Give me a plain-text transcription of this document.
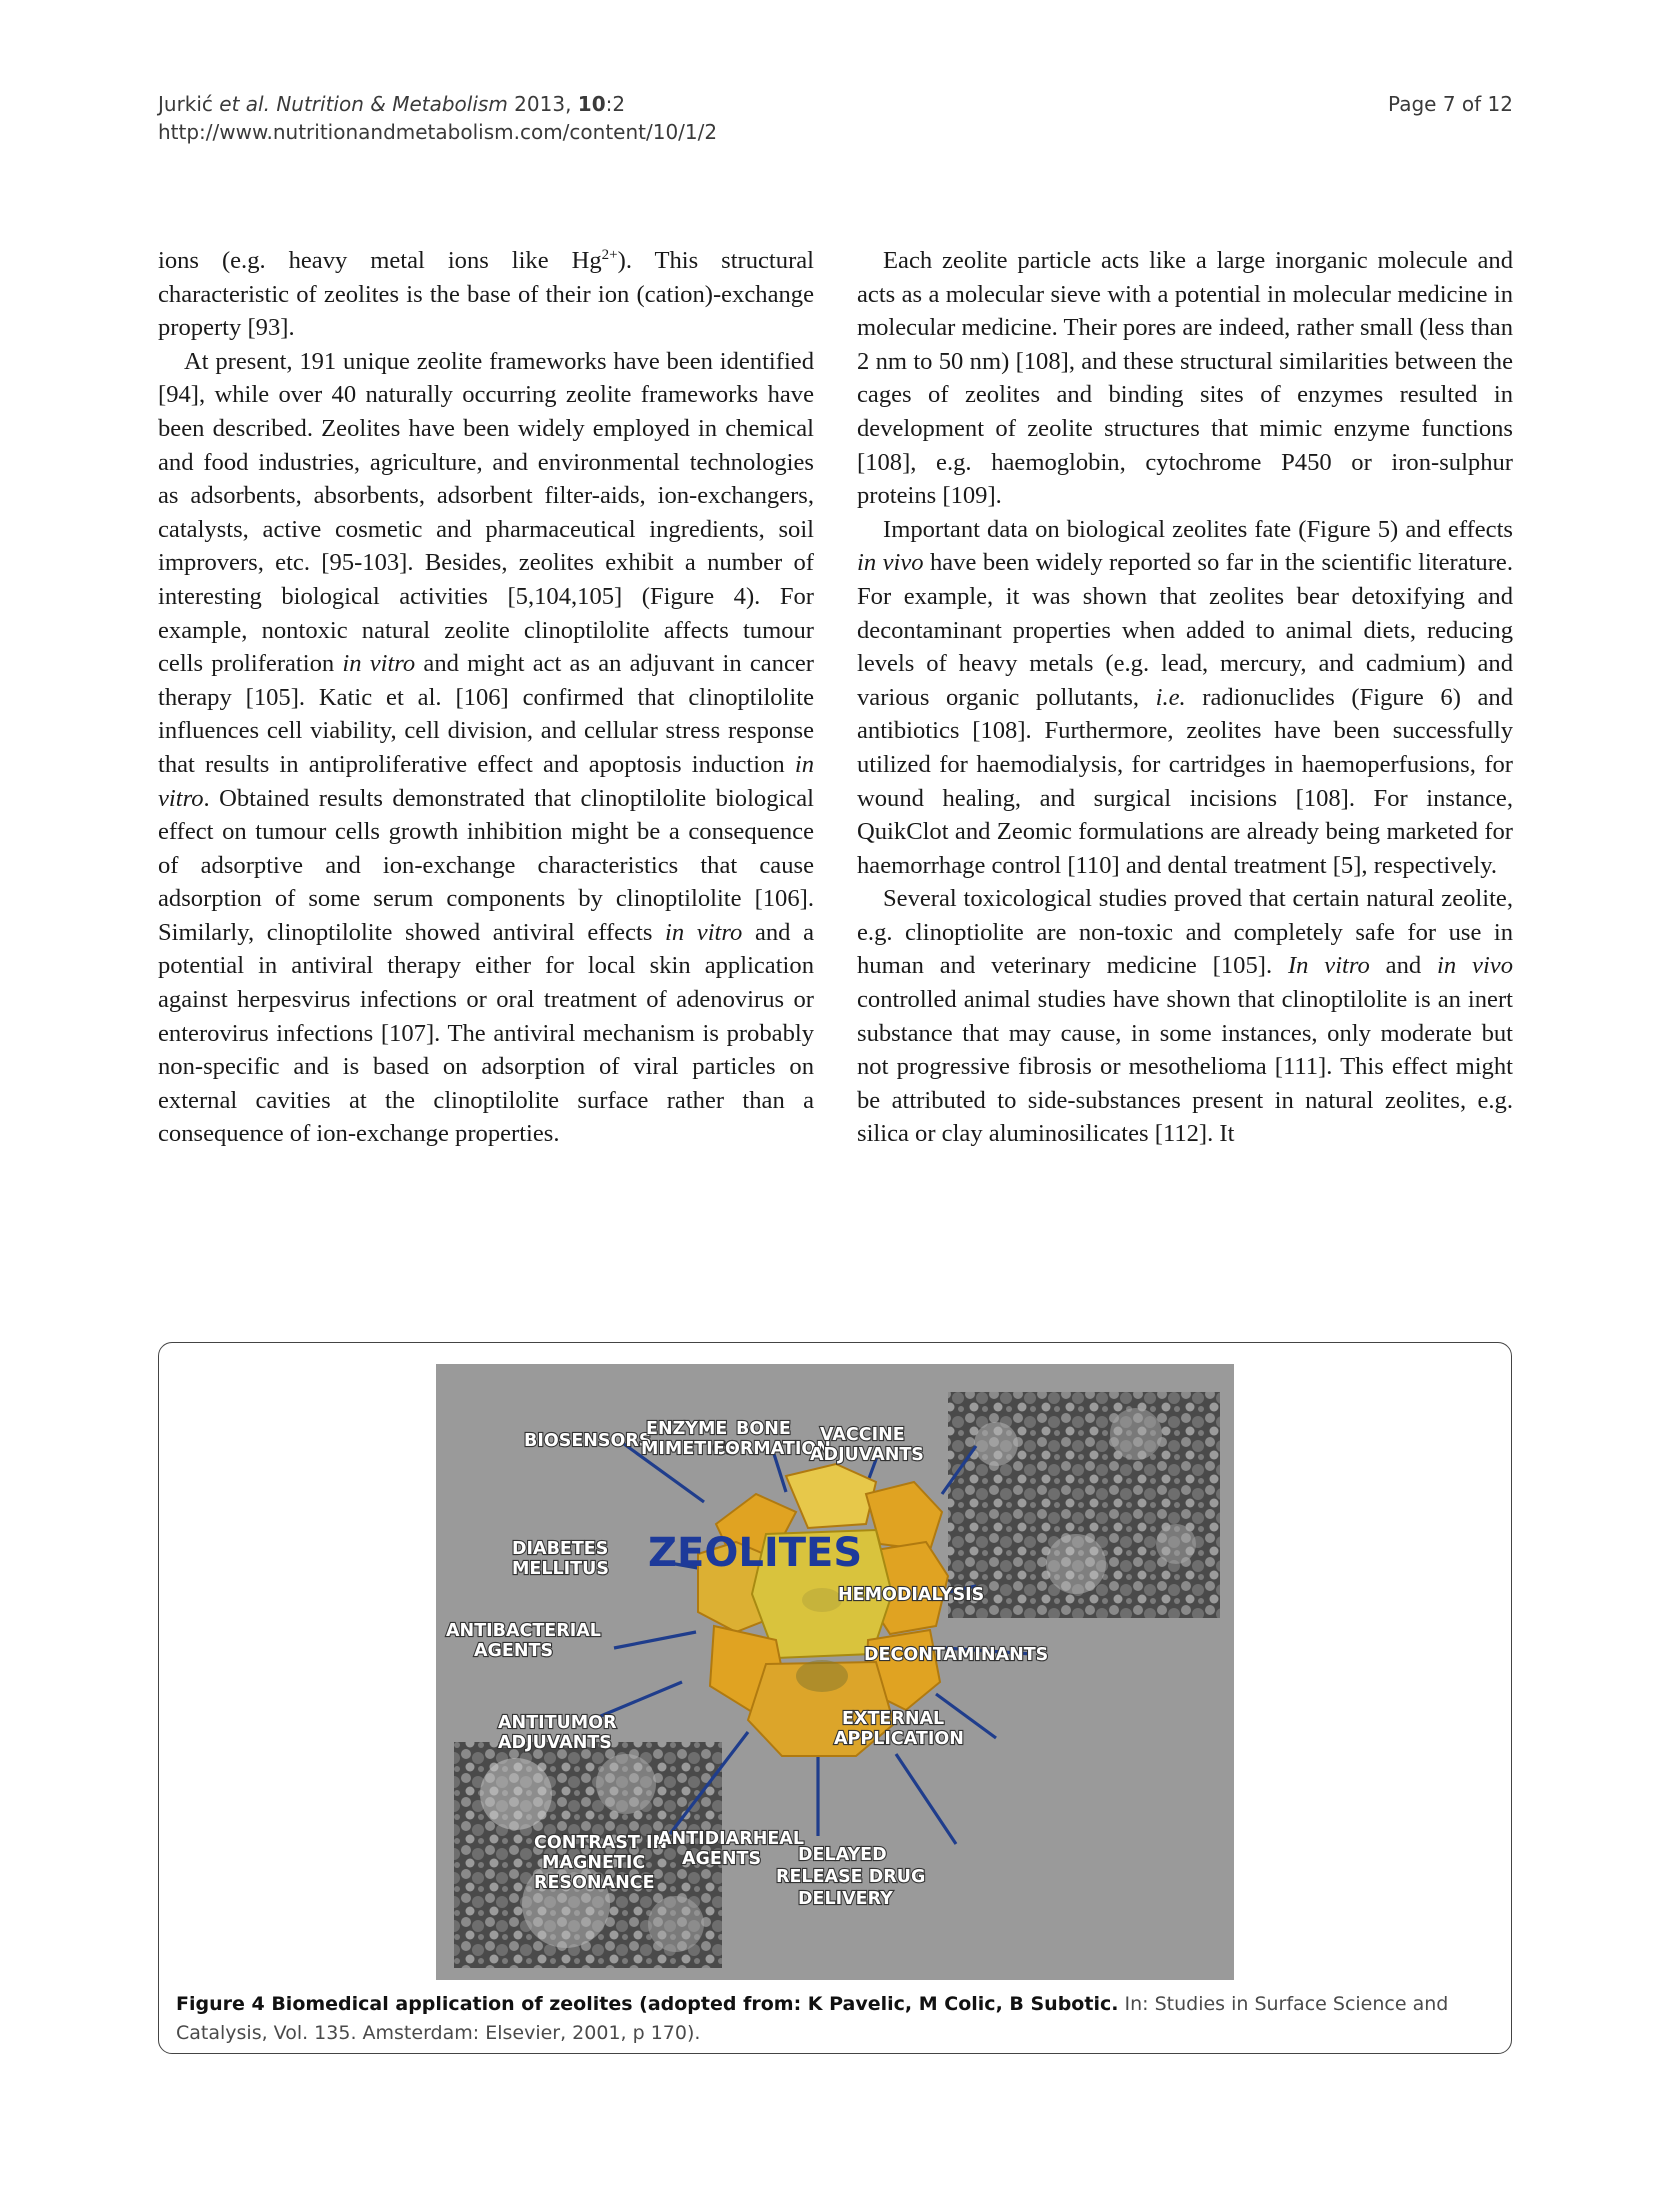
Jurkić et al. Nutrition & Metabolism 2013, 10:2
http://www.nutritionandmetabolism.com/content/10/1/2
Page 7 of 12

ions (e.g. heavy metal ions like $Hg^{2+}$). This structural characteristic of zeolites is the base of their ion (cation)-exchange property [93].

At present, 191 unique zeolite frameworks have been identified [94], while over 40 naturally occurring zeolite frameworks have been described. Zeolites have been widely employed in chemical and food industries, agriculture, and environmental technologies as adsorbents, absorbents, adsorbent filter-aids, ion-exchangers, catalysts, active cosmetic and pharmaceutical ingredients, soil improvers, etc. [95-103]. Besides, zeolites exhibit a number of interesting biological activities [5,104,105] (Figure 4). For example, nontoxic natural zeolite clinoptilolite affects tumour cells proliferation in vitro and might act as an adjuvant in cancer therapy [105]. Katic et al. [106] confirmed that clinoptilolite influences cell viability, cell division, and cellular stress response that results in antiproliferative effect and apoptosis induction in vitro. Obtained results demonstrated that clinoptilolite biological effect on tumour cells growth inhibition might be a consequence of adsorptive and ion-exchange characteristics that cause adsorption of some serum components by clinoptilolite [106]. Similarly, clinoptilolite showed antiviral effects in vitro and a potential in antiviral therapy either for local skin application against herpesvirus infections or oral treatment of adenovirus or enterovirus infections [107]. The antiviral mechanism is probably non-specific and is based on adsorption of viral particles on external cavities at the clinoptilolite surface rather than a consequence of ion-exchange properties.

Each zeolite particle acts like a large inorganic molecule and acts as a molecular sieve with a potential in molecular medicine in molecular medicine. Their pores are indeed, rather small (less than 2 nm to 50 nm) [108], and these structural similarities between the cages of zeolites and binding sites of enzymes resulted in development of zeolite structures that mimic enzyme functions [108], e.g. haemoglobin, cytochrome P450 or iron-sulphur proteins [109].

Important data on biological zeolites fate (Figure 5) and effects in vivo have been widely reported so far in the scientific literature. For example, it was shown that zeolites bear detoxifying and decontaminant properties when added to animal diets, reducing levels of heavy metals (e.g. lead, mercury, and cadmium) and various organic pollutants, i.e. radionuclides (Figure 6) and antibiotics [108]. Furthermore, zeolites have been successfully utilized for haemodialysis, for cartridges in haemoperfusions, for wound healing, and surgical incisions [108]. For instance, QuikClot and Zeomic formulations are already being marketed for haemorrhage control [110] and dental treatment [5], respectively.

Several toxicological studies proved that certain natural zeolite, e.g. clinoptiolite are non-toxic and completely safe for use in human and veterinary medicine [105]. In vitro and in vivo controlled animal studies have shown that clinoptilolite is an inert substance that may cause, in some instances, only moderate but not progressive fibrosis or mesothelioma [111]. This effect might be attributed to side-substances present in natural zeolites, e.g. silica or clay aluminosilicates [112]. It

ZEOLITES
BIOSENSORS
ENZYME
MIMETICS
BONE
FORMATION
VACCINE
ADJUVANTS
DIABETES
MELLITUS
HEMODIALYSIS
ANTIBACTERIAL
AGENTS	DECONTAMINANTS
EXTERNAL
APPLICATION
ANTITUMOR
ADJUVANTS
CONTRAST IN
MAGNETIC
RESONANCE
ANTIDIARHEAL
AGENTS DELAYED
RELEASE DRUG
DELIVERY
Figure 4 Biomedical application of zeolites (adopted from: K Pavelic, M Colic, B Subotic. In: Studies in Surface Science and Catalysis, Vol. 135. Amsterdam: Elsevier, 2001, p 170).
